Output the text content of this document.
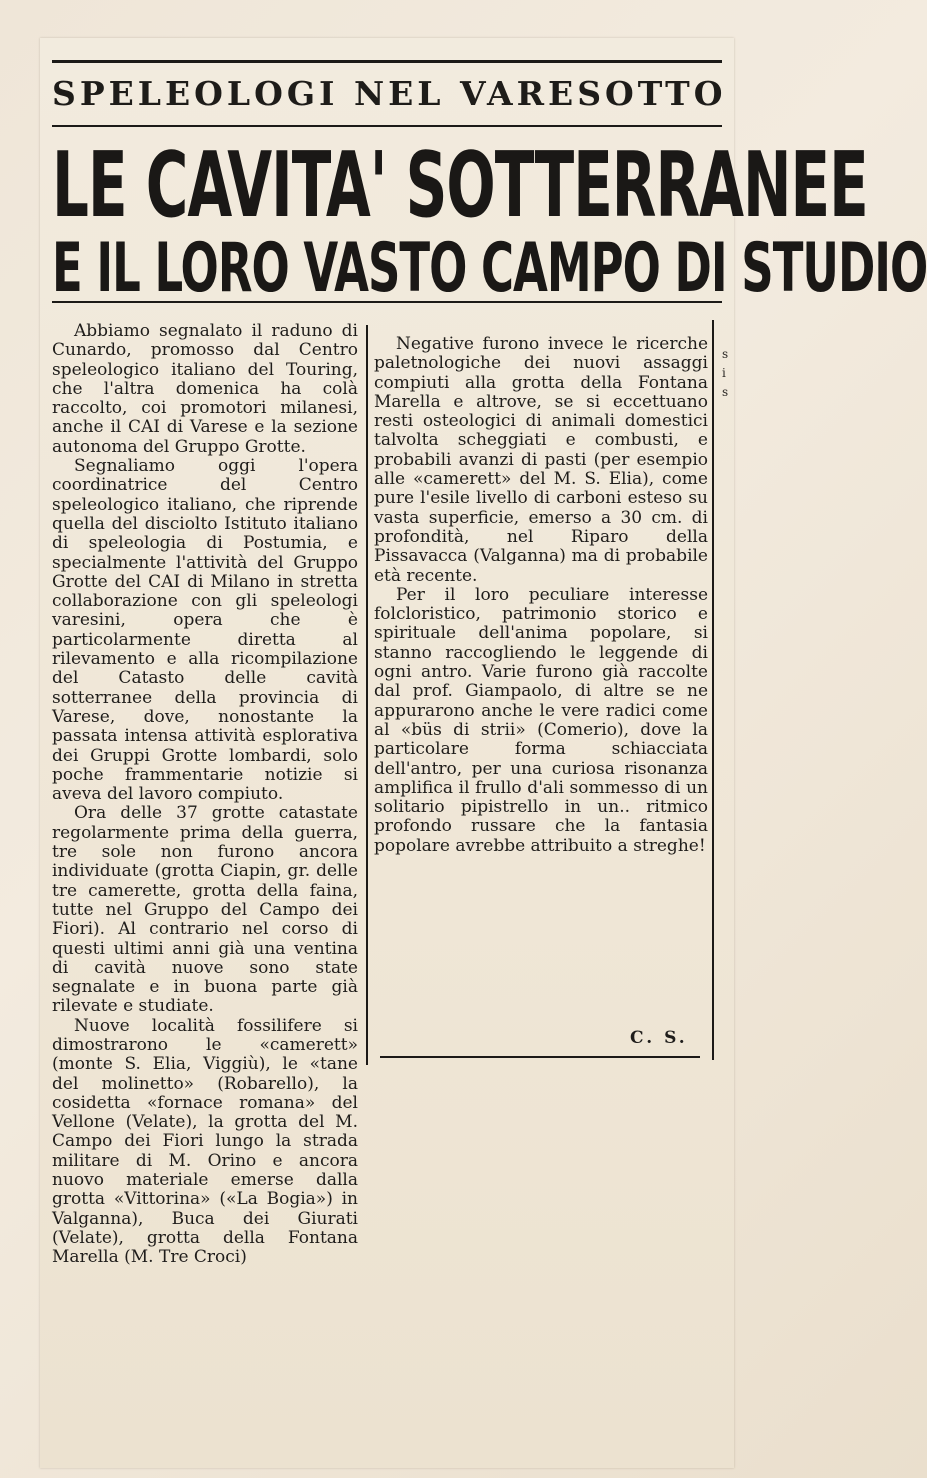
SPELEOLOGI NEL VARESOTTO
LE CAVITA' SOTTERRANEE
E IL LORO VASTO CAMPO DI STUDIO

Abbiamo segnalato il raduno di Cunardo, promosso dal Centro speleologico italiano del Touring, che l'altra domenica ha colà raccolto, coi promotori milanesi, anche il CAI di Varese e la sezione autonoma del Gruppo Grotte.

Segnaliamo oggi l'opera coordinatrice del Centro speleologico italiano, che riprende quella del disciolto Istituto italiano di speleologia di Postumia, e specialmente l'attività del Gruppo Grotte del CAI di Milano in stretta collaborazione con gli speleologi varesini, opera che è particolarmente diretta al rilevamento e alla ricompilazione del Catasto delle cavità sotterranee della provincia di Varese, dove, nonostante la passata intensa attività esplorativa dei Gruppi Grotte lombardi, solo poche frammentarie notizie si aveva del lavoro compiuto.

Ora delle 37 grotte catastate regolarmente prima della guerra, tre sole non furono ancora individuate (grotta Ciapin, gr. delle tre camerette, grotta della faina, tutte nel Gruppo del Campo dei Fiori). Al contrario nel corso di questi ultimi anni già una ventina di cavità nuove sono state segnalate e in buona parte già rilevate e studiate.

Nuove località fossilifere si dimostrarono le «camerett» (monte S. Elia, Viggiù), le «tane del molinetto» (Robarello), la cosidetta «fornace romana» del Vellone (Velate), la grotta del M. Campo dei Fiori lungo la strada militare di M. Orino e ancora nuovo materiale emerse dalla grotta «Vittorina» («La Bogia») in Valganna), Buca dei Giurati (Velate), grotta della Fontana Marella (M. Tre Croci)

Negative furono invece le ricerche paletnologiche dei nuovi assaggi compiuti alla grotta della Fontana Marella e altrove, se si eccettuano resti osteologici di animali domestici talvolta scheggiati e combusti, e probabili avanzi di pasti (per esempio alle «camerett» del M. S. Elia), come pure l'esile livello di carboni esteso su vasta superficie, emerso a 30 cm. di profondità, nel Riparo della Pissavacca (Valganna) ma di probabile età recente.

Per il loro peculiare interesse folcloristico, patrimonio storico e spirituale dell'anima popolare, si stanno raccogliendo le leggende di ogni antro. Varie furono già raccolte dal prof. Giampaolo, di altre se ne appurarono anche le vere radici come al «büs di strii» (Comerio), dove la particolare forma schiacciata dell'antro, per una curiosa risonanza amplifica il frullo d'ali sommesso di un solitario pipistrello in un.. ritmico profondo russare che la fantasia popolare avrebbe attribuito a streghe!

C. S.
s
i
s
